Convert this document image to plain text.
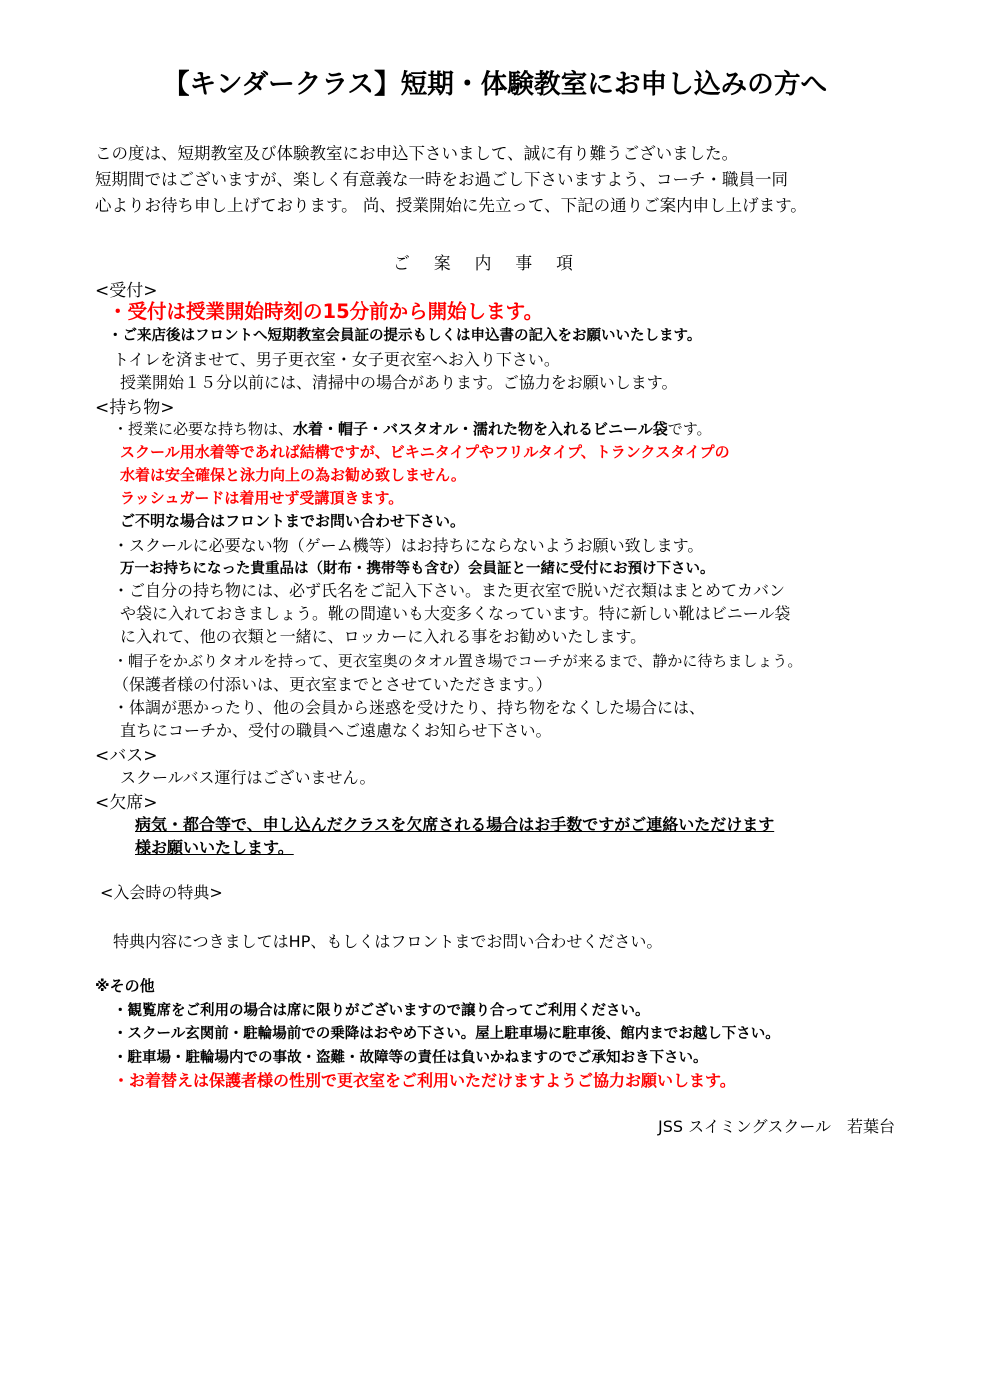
【キンダークラス】短期・体験教室にお申し込みの方へ
この度は、短期教室及び体験教室にお申込下さいまして、誠に有り難うございました。
短期間ではございますが、楽しく有意義な一時をお過ごし下さいますよう、コーチ・職員一同
心よりお待ち申し上げております。 尚、授業開始に先立って、下記の通りご案内申し上げます。
ご案内事項
<受付>
・受付は授業開始時刻の15分前から開始します。
・ご来店後はフロントへ短期教室会員証の提示もしくは申込書の記入をお願いいたします。
トイレを済ませて、男子更衣室・女子更衣室へお入り下さい。
授業開始１５分以前には、清掃中の場合があります。ご協力をお願いします。
<持ち物>
・授業に必要な持ち物は、水着・帽子・バスタオル・濡れた物を入れるビニール袋です。
スクール用水着等であれば結構ですが、ビキニタイプやフリルタイプ、トランクスタイプの
水着は安全確保と泳力向上の為お勧め致しません。
ラッシュガードは着用せず受講頂きます。
ご不明な場合はフロントまでお問い合わせ下さい。
・スクールに必要ない物（ゲーム機等）はお持ちにならないようお願い致します。
万一お持ちになった貴重品は（財布・携帯等も含む）会員証と一緒に受付にお預け下さい。
・ご自分の持ち物には、必ず氏名をご記入下さい。また更衣室で脱いだ衣類はまとめてカバン
や袋に入れておきましょう。靴の間違いも大変多くなっています。特に新しい靴はビニール袋
に入れて、他の衣類と一緒に、ロッカーに入れる事をお勧めいたします。
・帽子をかぶりタオルを持って、更衣室奥のタオル置き場でコーチが来るまで、静かに待ちましょう。
（保護者様の付添いは、更衣室までとさせていただきます。）
・体調が悪かったり、他の会員から迷惑を受けたり、持ち物をなくした場合には、
直ちにコーチか、受付の職員へご遠慮なくお知らせ下さい。
<バス>
スクールバス運行はございません。
<欠席>
病気・都合等で、申し込んだクラスを欠席される場合はお手数ですがご連絡いただけます
様お願いいたします。
<入会時の特典>
特典内容につきましてはHP、もしくはフロントまでお問い合わせください。
※その他
・観覧席をご利用の場合は席に限りがございますので譲り合ってご利用ください。
・スクール玄関前・駐輪場前での乗降はおやめ下さい。屋上駐車場に駐車後、館内までお越し下さい。
・駐車場・駐輪場内での事故・盗難・故障等の責任は負いかねますのでご承知おき下さい。
・お着替えは保護者様の性別で更衣室をご利用いただけますようご協力お願いします。
JSS スイミングスクール　若葉台
